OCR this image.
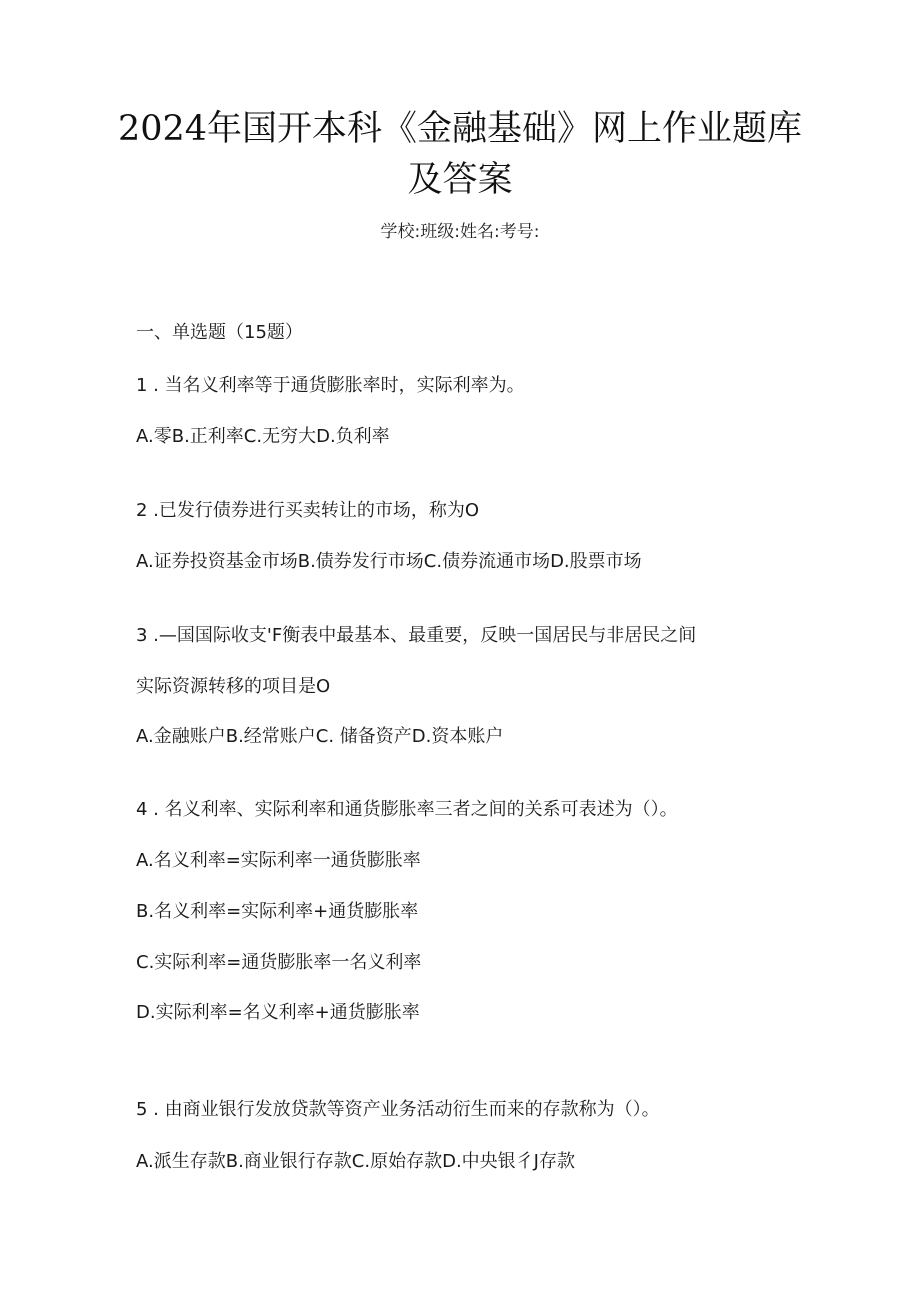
2024年国开本科《金融基础》网上作业题库
及答案
学校:班级:姓名:考号:
一、单选题（15题）
1 . 当名义利率等于通货膨胀率时，实际利率为。
A.零B.正利率C.无穷大D.负利率
2 .已发行债券进行买卖转让的市场，称为O
A.证券投资基金市场B.债券发行市场C.债券流通市场D.股票市场
3 .—国国际收支'F衡表中最基本、最重要，反映一国居民与非居民之间
实际资源转移的项目是O
A.金融账户B.经常账户C. 储备资产D.资本账户
4 . 名义利率、实际利率和通货膨胀率三者之间的关系可表述为（）。
A.名义利率=实际利率一通货膨胀率
B.名义利率=实际利率+通货膨胀率
C.实际利率=通货膨胀率一名义利率
D.实际利率=名义利率+通货膨胀率
5 . 由商业银行发放贷款等资产业务活动衍生而来的存款称为（）。
A.派生存款B.商业银行存款C.原始存款D.中央银彳J存款
